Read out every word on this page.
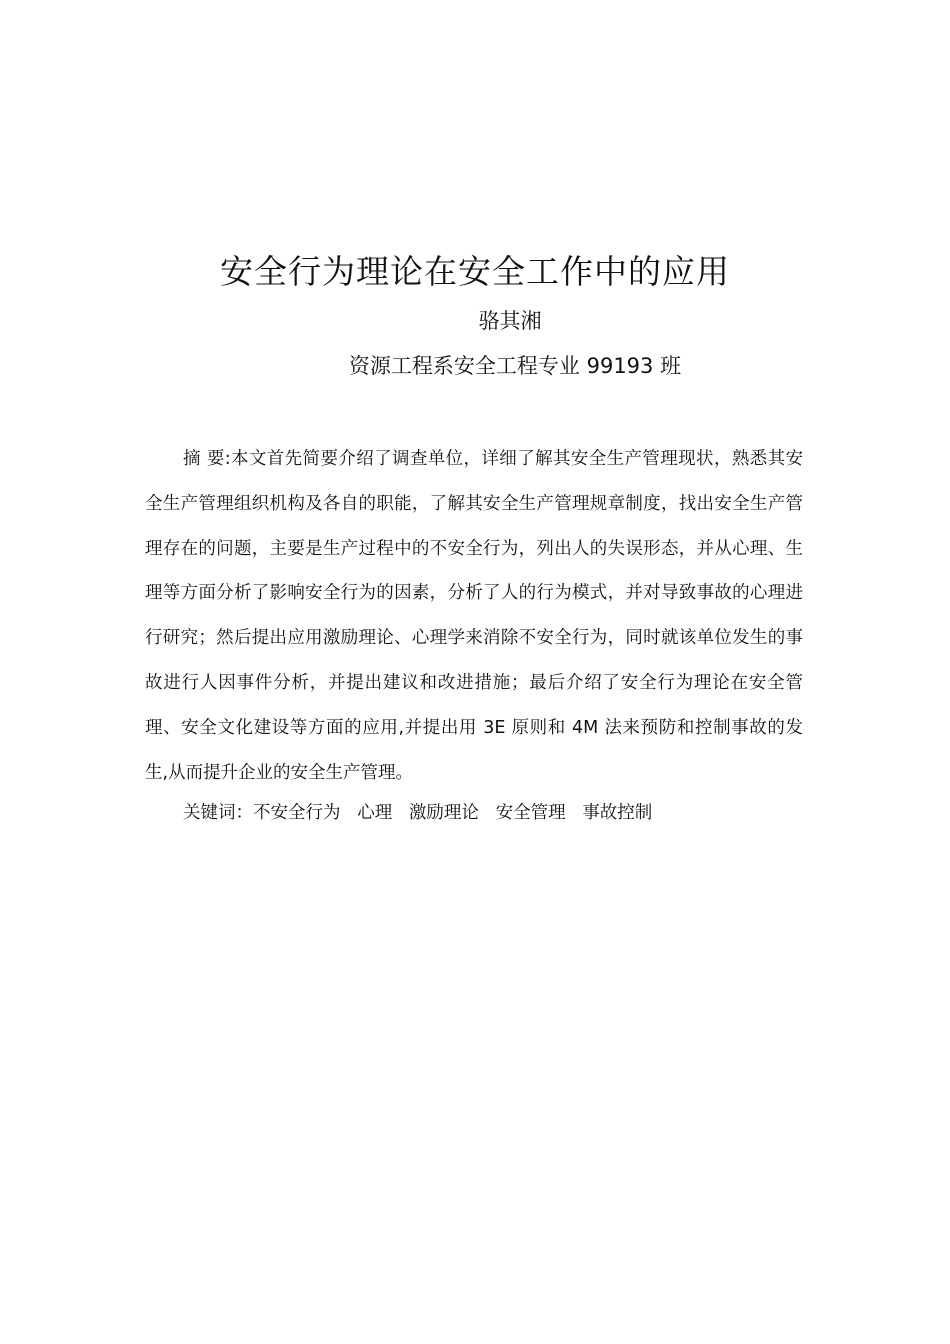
安全行为理论在安全工作中的应用
骆其湘
资源工程系安全工程专业 99193 班

摘 要:本文首先简要介绍了调查单位，详细了解其安全生产管理现状，熟悉其安全生产管理组织机构及各自的职能，了解其安全生产管理规章制度，找出安全生产管理存在的问题，主要是生产过程中的不安全行为，列出人的失误形态，并从心理、生理等方面分析了影响安全行为的因素，分析了人的行为模式，并对导致事故的心理进行研究；然后提出应用激励理论、心理学来消除不安全行为，同时就该单位发生的事故进行人因事件分析，并提出建议和改进措施；最后介绍了安全行为理论在安全管理、安全文化建设等方面的应用,并提出用 3E 原则和 4M 法来预防和控制事故的发生,从而提升企业的安全生产管理。

关键词：不安全行为 心理 激励理论 安全管理 事故控制
